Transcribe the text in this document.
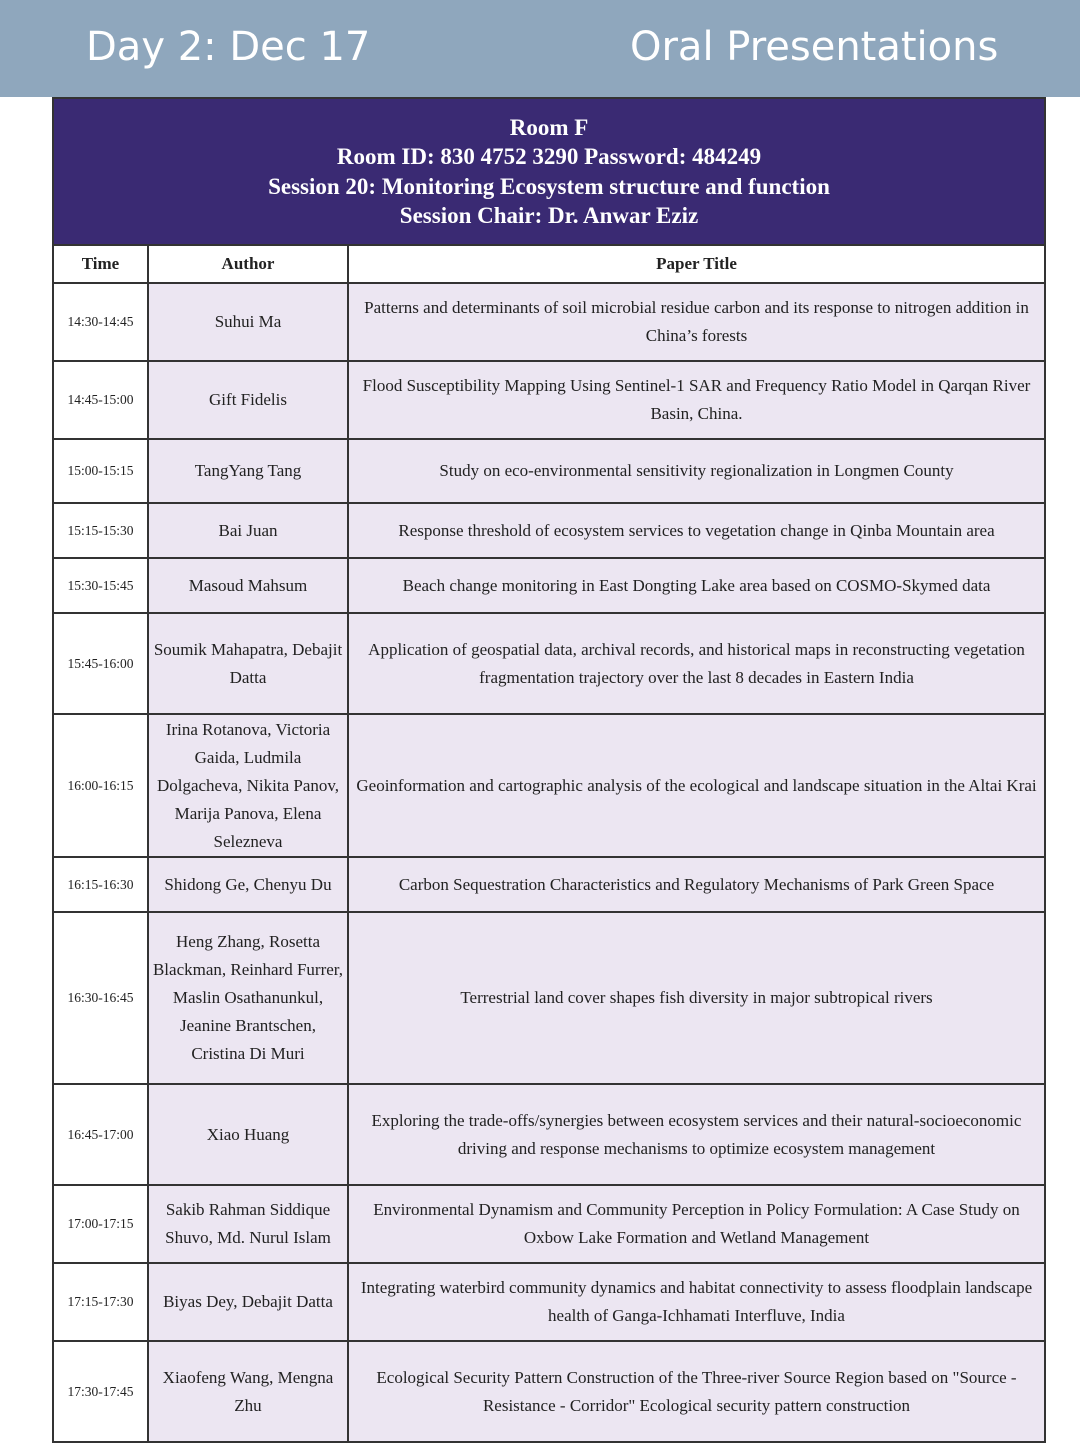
Day 2: Dec 17	Oral Presentations
Room F
Room ID: 830 4752 3290 Password: 484249
Session 20: Monitoring Ecosystem structure and function
Session Chair: Dr. Anwar Eziz		

Time	Author	Paper Title
14:30-14:45	Suhui Ma	Patterns and determinants of soil microbial residue carbon and its response to nitrogen addition in China’s forests
14:45-15:00	Gift Fidelis	Flood Susceptibility Mapping Using Sentinel-1 SAR and Frequency Ratio Model in Qarqan River Basin, China.
15:00-15:15	TangYang Tang	Study on eco-environmental sensitivity regionalization in Longmen County
15:15-15:30	Bai Juan	Response threshold of ecosystem services to vegetation change in Qinba Mountain area
15:30-15:45	Masoud Mahsum	Beach change monitoring in East Dongting Lake area based on COSMO-Skymed data
15:45-16:00	Soumik Mahapatra, Debajit Datta	Application of geospatial data, archival records, and historical maps in reconstructing vegetation fragmentation trajectory over the last 8 decades in Eastern India
16:00-16:15	Irina Rotanova, Victoria Gaida, Ludmila Dolgacheva, Nikita Panov, Marija Panova, Elena Selezneva	Geoinformation and cartographic analysis of the ecological and landscape situation in the Altai Krai
16:15-16:30	Shidong Ge, Chenyu Du	Carbon Sequestration Characteristics and Regulatory Mechanisms of Park Green Space
16:30-16:45	Heng Zhang, Rosetta Blackman, Reinhard Furrer, Maslin Osathanunkul, Jeanine Brantschen, Cristina Di Muri	Terrestrial land cover shapes fish diversity in major subtropical rivers
16:45-17:00	Xiao Huang	Exploring the trade-offs/synergies between ecosystem services and their natural-socioeconomic driving and response mechanisms to optimize ecosystem management
17:00-17:15	Sakib Rahman Siddique Shuvo, Md. Nurul Islam	Environmental Dynamism and Community Perception in Policy Formulation: A Case Study on Oxbow Lake Formation and Wetland Management
17:15-17:30	Biyas Dey, Debajit Datta	Integrating waterbird community dynamics and habitat connectivity to assess floodplain landscape health of Ganga-Ichhamati Interfluve, India
17:30-17:45	Xiaofeng Wang, Mengna Zhu	Ecological Security Pattern Construction of the Three-river Source Region based on "Source - Resistance - Corridor" Ecological security pattern construction
